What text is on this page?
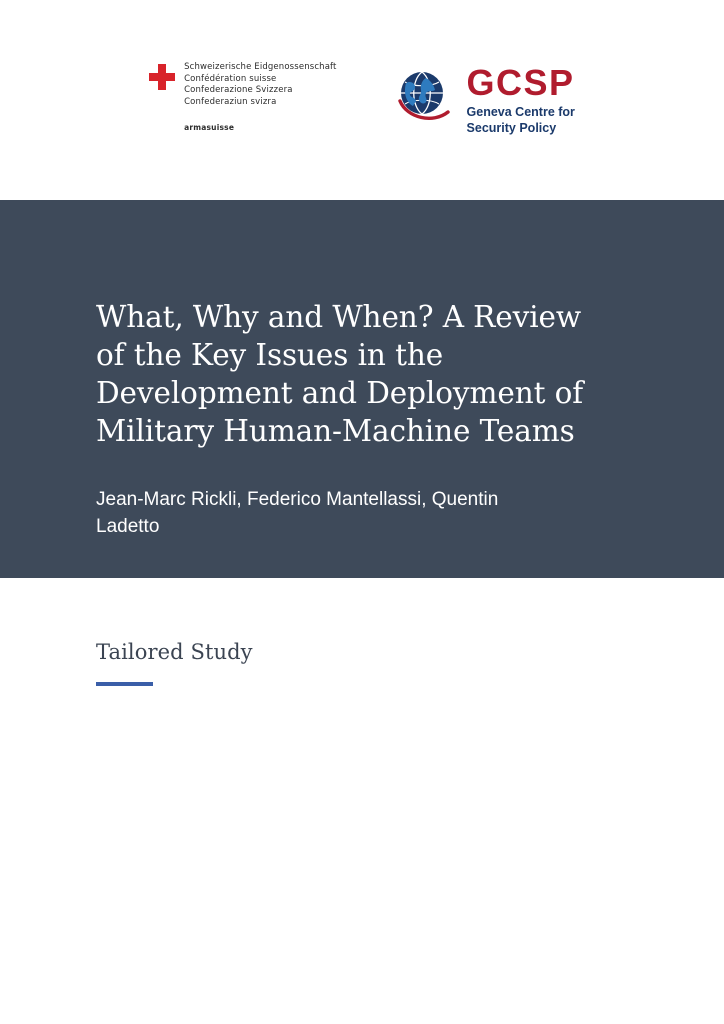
Schweizerische Eidgenossenschaft
Confédération suisse
Confederazione Svizzera
Confederaziun svizra
armasuisse
GCSP
Geneva Centre for
Security Policy
What, Why and When? A Review of the Key Issues in the Development and Deployment of Military Human-Machine Teams

Jean-Marc Rickli, Federico Mantellassi, Quentin Ladetto

Tailored Study
